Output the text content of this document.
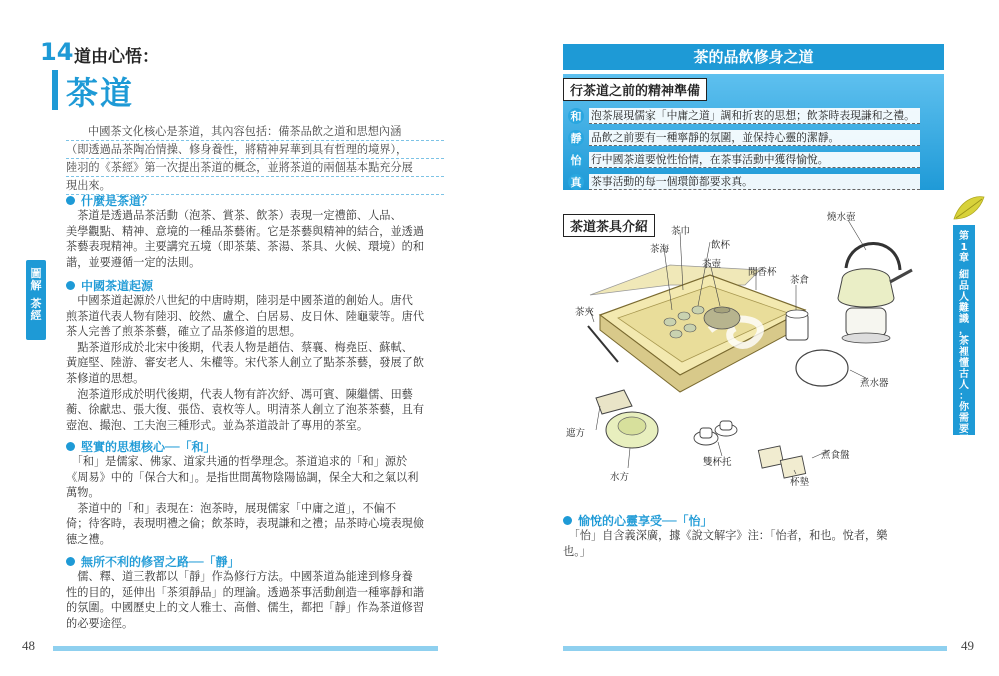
14 道由心悟：
茶道
中國茶文化核心是茶道，其內容包括：備茶品飲之道和思想內涵
（即透過品茶陶冶情操、修身養性，將精神昇華到具有哲理的境界），
陸羽的《茶經》第一次提出茶道的概念，並將茶道的兩個基本點充分展
現出來。
圖
解
茶
經
什麼是茶道？
　茶道是透過品茶活動（泡茶、賞茶、飲茶）表現一定禮節、人品、
美學觀點、精神、意境的一種品茶藝術。它是茶藝與精神的結合，並透過
茶藝表現精神。主要講究五境（即茶葉、茶湯、茶具、火候、環境）的和
諧，並要遵循一定的法則。
中國茶道起源
　中國茶道起源於八世紀的中唐時期，陸羽是中國茶道的創始人。唐代
煎茶道代表人物有陸羽、皎然、盧仝、白居易、皮日休、陸龜蒙等。唐代
茶人完善了煎茶茶藝，確立了品茶修道的思想。
　點茶道形成於北宋中後期，代表人物是趙佶、蔡襄、梅堯臣、蘇軾、
黃庭堅、陸游、審安老人、朱權等。宋代茶人創立了點茶茶藝，發展了飲
茶修道的思想。
　泡茶道形成於明代後期，代表人物有許次紓、馮可賓、陳繼儒、田藝
蘅、徐獻忠、張大復、張岱、袁枚等人。明清茶人創立了泡茶茶藝，且有
壺泡、撮泡、工夫泡三種形式。並為茶道設計了專用的茶室。
堅實的思想核心──「和」
　「和」是儒家、佛家、道家共通的哲學理念。茶道追求的「和」源於
《周易》中的「保合大和」。是指世間萬物陰陽協調，保全大和之氣以利
萬物。
　茶道中的「和」表現在：泡茶時，展現儒家「中庸之道」，不偏不
倚；待客時，表現明禮之倫；飲茶時，表現謙和之禮；品茶時心境表現儉
德之禮。
無所不利的修習之路──「靜」
　儒、釋、道三教都以「靜」作為修行方法。中國茶道為能達到修身養
性的目的，延伸出「茶須靜品」的理論。透過茶事活動創造一種寧靜和諧
的氛圍。中國歷史上的文人雅士、高僧、儒生，都把「靜」作為茶道修習
的必要途徑。
48
茶的品飲修身之道
行茶道之前的精神準備
和 泡茶展現儒家「中庸之道」調和折衷的思想；飲茶時表現謙和之禮。
靜 品飲之前要有一種寧靜的氛圍，並保持心靈的潔靜。
怡 行中國茶道要悅性怡情，在茶事活動中獲得愉悅。
真 茶事活動的每一個環節都要求真。
茶道茶具介紹	茶巾
茶海	飲杯
茶壺
聞香杯
燒水壺
茶夾
茶倉
煮水器
遮方
水方
雙杯托
煮食盤
杯墊
第
1
章
細
品
人
難
識
，
茶
裡
懂
古
人
：
你
需
要
了
解
的
愉悅的心靈享受──「怡」
　「怡」自含義深廣，據《說文解字》注：「怡者，和也。悅者，樂
也。」
49
